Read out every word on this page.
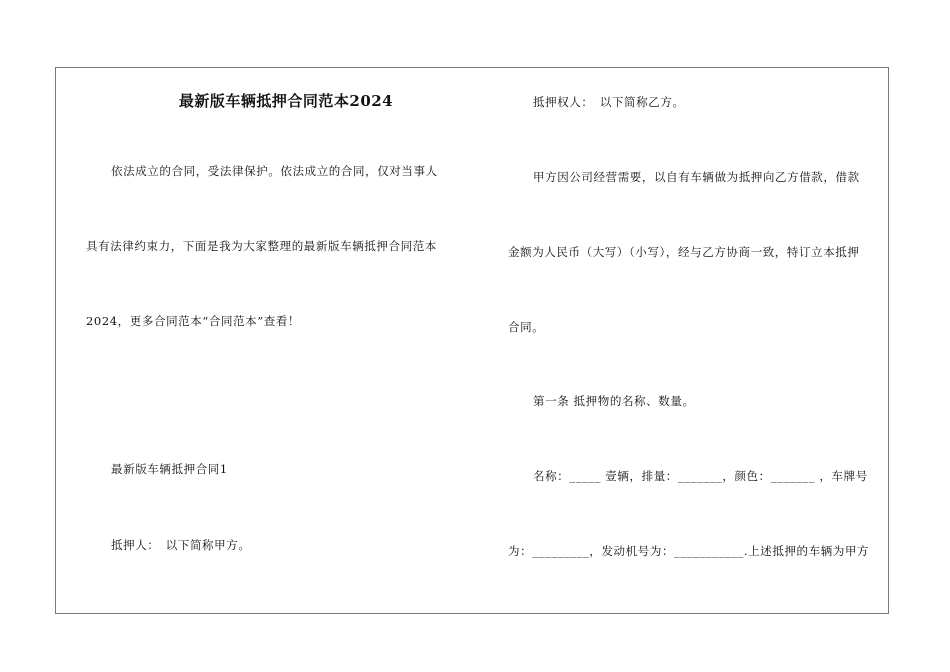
最新版车辆抵押合同范本2024
依法成立的合同，受法律保护。依法成立的合同，仅对当事人
具有法律约束力，下面是我为大家整理的最新版车辆抵押合同范本
2024，更多合同范本“合同范本”查看！
最新版车辆抵押合同1
抵押人：　以下简称甲方。
抵押权人：　以下简称乙方。
甲方因公司经营需要，以自有车辆做为抵押向乙方借款，借款
金额为人民币（大写）（小写），经与乙方协商一致，特订立本抵押
合同。
第一条 抵押物的名称、数量。
名称：_____ 壹辆，排量：_______，颜色：_______ ，车牌号
为：_________，发动机号为：___________.上述抵押的车辆为甲方
